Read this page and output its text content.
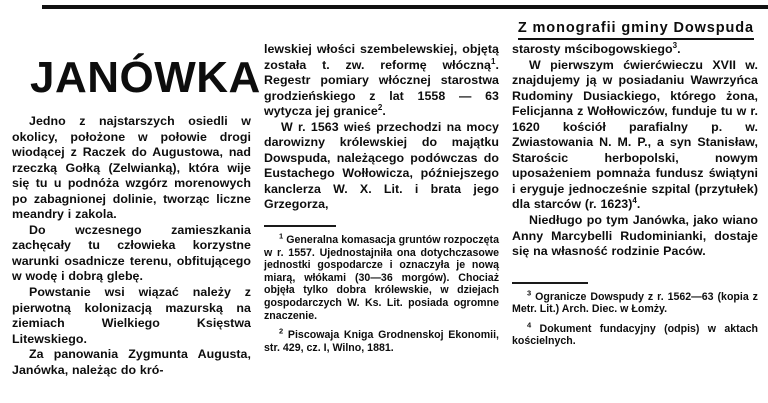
Z monografii gminy Dowspuda
JANÓWKA

Jedno z najstarszych osiedli w okolicy, położone w połowie drogi wiodącej z Raczek do Augustowa, nad rzeczką Gołką (Zelwianką), która wije się tu u podnóża wzgórz morenowych po zabagnionej dolinie, tworząc liczne meandry i zakola.

Do wczesnego zamieszkania zachęcały tu człowieka korzystne warunki osadnicze terenu, obfitującego w wodę i dobrą glebę.

Powstanie wsi wiązać należy z pierwotną kolonizacją mazurską na ziemiach Wielkiego Księstwa Litewskiego.

Za panowania Zygmunta Augusta, Janówka, należąc do kró-

lewskiej włości szembelewskiej, objętą została t. zw. reformę włóczną$^1$. Regestr pomiary włócznej starostwa grodzieńskiego z lat 1558 — 63 wytycza jej granice$^2$.

W r. 1563 wieś przechodzi na mocy darowizny królewskiej do majątku Dowspuda, należącego podówczas do Eustachego Wołłowicza, późniejszego kanclerza W. X. Lit. i brata jego Grzegorza,

$^1$ Generalna komasacja gruntów rozpoczęta w r. 1557. Ujednostajniła ona dotychczasowe jednostki gospodarcze i oznaczyła je nową miarą, włókami (30—36 morgów). Chociaż objęła tylko dobra królewskie, w dziejach gospodarczych W. Ks. Lit. posiada ogromne znaczenie.

$^2$ Piscowaja Kniga Grodnenskoj Ekonomii, str. 429, cz. I, Wilno, 1881.

starosty mścibogowskiego$^3$.

W pierwszym ćwierćwieczu XVII w. znajdujemy ją w posiadaniu Wawrzyńca Rudominy Dusiackiego, którego żona, Felicjanna z Wołłowiczów, funduje tu w r. 1620 kościół parafialny p. w. Zwiastowania N. M. P., a syn Stanisław, Starościc herbopolski, nowym uposażeniem pomnaża fundusz świątyni i eryguje jednocześnie szpital (przytułek) dla starców (r. 1623)$^4$.

Niedługo po tym Janówka, jako wiano Anny Marcybelli Rudominianki, dostaje się na własność rodzinie Paców.

$^3$ Ogranicze Dowspudy z r. 1562—63 (kopia z Metr. Lit.) Arch. Diec. w Łomży.

$^4$ Dokument fundacyjny (odpis) w aktach kościelnych.
